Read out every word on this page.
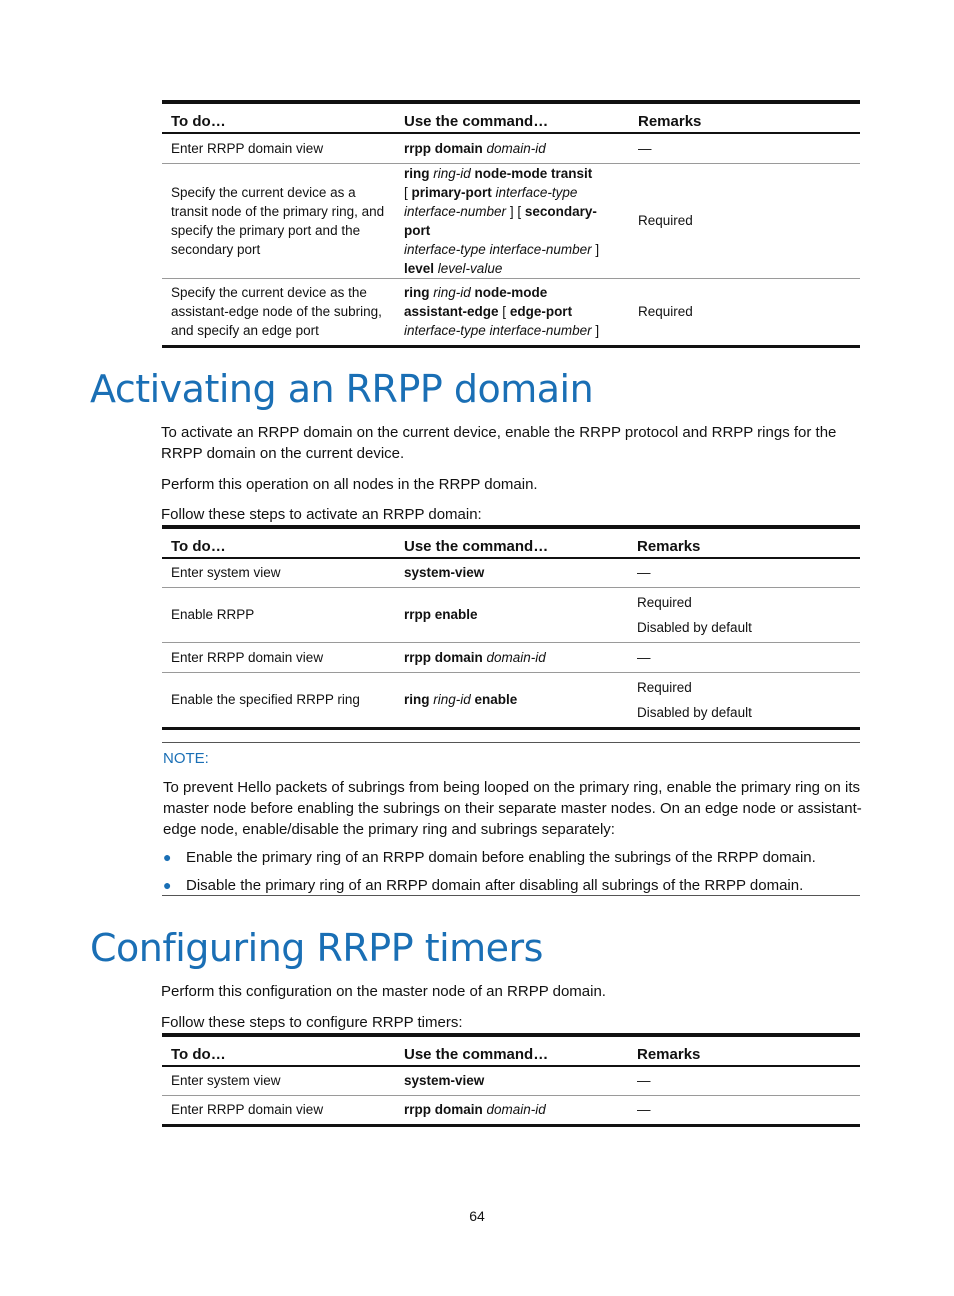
To do…	Use the command…	Remarks
Enter RRPP domain view	rrpp domain domain-id	—
Specify the current device as a transit node of the primary ring, and specify the primary port and the secondary port	ring ring-id node-mode transit
[ primary-port interface-type
interface-number ] [ secondary-port
interface-type interface-number ]
level level-value	Required
Specify the current device as the assistant-edge node of the subring, and specify an edge port	ring ring-id node-mode
assistant-edge [ edge-port
interface-type interface-number ]	Required
Activating an RRPP domain

To activate an RRPP domain on the current device, enable the RRPP protocol and RRPP rings for the RRPP domain on the current device.

Perform this operation on all nodes in the RRPP domain.

Follow these steps to activate an RRPP domain:

To do…	Use the command…	Remarks
Enter system view	system-view	—
Enable RRPP	rrpp enable	Required
Disabled by default
Enter RRPP domain view	rrpp domain domain-id	—
Enable the specified RRPP ring	ring ring-id enable	Required
Disabled by default
NOTE:

To prevent Hello packets of subrings from being looped on the primary ring, enable the primary ring on its master node before enabling the subrings on their separate master nodes. On an edge node or assistant-edge node, enable/disable the primary ring and subrings separately:

● Enable the primary ring of an RRPP domain before enabling the subrings of the RRPP domain.
● Disable the primary ring of an RRPP domain after disabling all subrings of the RRPP domain.
Configuring RRPP timers

Perform this configuration on the master node of an RRPP domain.

Follow these steps to configure RRPP timers:

To do…	Use the command…	Remarks
Enter system view	system-view	—
Enter RRPP domain view	rrpp domain domain-id	—
64
